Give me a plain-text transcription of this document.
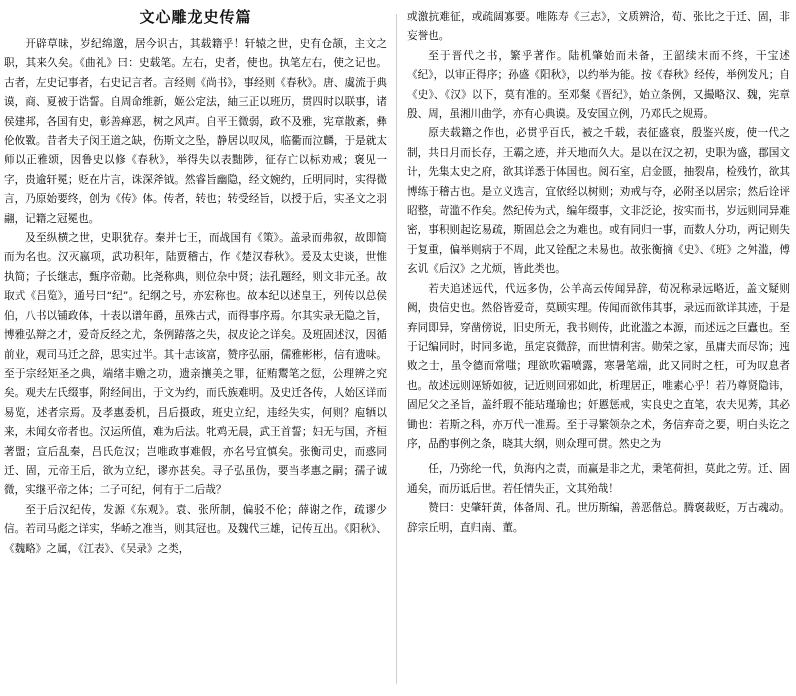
文心雕龙史传篇

开辟草昧，岁纪绵邈，居今识古，其载籍乎！轩辕之世，史有仓颉，主文之职，其来久矣。《曲礼》曰：史载笔。左右，史者，使也。执笔左右，使之记也。古者，左史记事者，右史记言者。言经则《尚书》，事经则《春秋》。唐、虞流于典谟，商、夏被于诰誓。自周命维新，姬公定法，紬三正以班历，贯四时以联事，诸侯建邦，各国有史，彰善瘅恶，树之风声。自平王微弱，政不及雅，宪章散紊，彝伦攸斁。昔者夫子闵王道之缺，伤斯文之坠，静居以叹凤，临衢而泣麟，于是就太师以正雅颂，因鲁史以修《春秋》，举得失以表黜陟，征存亡以标劝戒；褒见一字，贵逾轩冕；贬在片言，诛深斧钺。然睿旨幽隐，经文婉约，丘明同时，实得微言，乃原始要终，创为《传》体。传者，转也；转受经旨，以授于后，实圣文之羽翮，记籍之冠冕也。

及至纵横之世，史职犹存。秦并七王，而战国有《策》。盖录而弗叙，故即简而为名也。汉灭嬴项，武功积年，陆贾稽古，作《楚汉春秋》。爰及太史谈，世惟执简；子长继志，甄序帝勣。比尧称典，则位杂中贤；法孔题经，则文非元圣。故取式《吕览》，通号曰“纪”。纪纲之号，亦宏称也。故本纪以述皇王，列传以总侯伯，八书以铺政体，十表以谱年爵，虽殊古式，而得事序焉。尔其实录无隐之旨，博雅弘辩之才，爱奇反经之尤，条例踳落之失，叔皮论之详矣。及班固述汉，因循前业，观司马迁之辞，思实过半。其十志该富，赞序弘丽，儒雅彬彬，信有遗味。至于宗经矩圣之典，端绪丰赡之功，遗亲攘美之罪，征贿鬻笔之愆，公理辨之究矣。观夫左氏缀事，附经间出，于文为约，而氏族难明。及史迁各传，人始区详而易览，述者宗焉。及孝惠委机，吕后摄政，班史立纪，违经失实，何则？庖牺以来，未闻女帝者也。汉运所值，难为后法。牝鸡无晨，武王首誓；妇无与国，齐桓著盟；宣后乱秦，吕氏危汉；岂唯政事难假，亦名号宜慎矣。张衡司史，而惑同迁、固，元帝王后，欲为立纪，谬亦甚矣。寻子弘虽伪，要当孝惠之嗣；孺子诚微，实继平帝之体；二子可纪，何有于二后哉？

至于后汉纪传，发源《东观》。袁、张所制，偏驳不伦；薛谢之作，疏谬少信。若司马彪之详实，华峤之准当，则其冠也。及魏代三雄，记传互出。《阳秋》、《魏略》之属，《江表》、《吴录》之类，

或激抗难征，或疏阔寡要。唯陈寿《三志》，文质辨洽，荀、张比之于迁、固，非妄誉也。

至于晋代之书，繁乎著作。陆机肇始而未备，王韶续末而不终，干宝述《纪》，以审正得序；孙盛《阳秋》，以约举为能。按《春秋》经传，举例发凡；自《史》、《汉》以下，莫有准的。至邓粲《晋纪》，始立条例，又撮略汉、魏，宪章殷、周，虽湘川曲学，亦有心典谟。及安国立例，乃邓氏之规焉。

原夫载籍之作也，必贯乎百氏，被之千载，表征盛衰，殷鉴兴废，使一代之制，共日月而长存，王霸之迹，并天地而久大。是以在汉之初，史职为盛，郡国文计，先集太史之府，欲其详悉于体国也。阅石室，启金匮，抽裂帛，检残竹，欲其博练于稽古也。是立义选言，宜依经以树则；劝戒与夺，必附圣以居宗；然后诠评昭整，苛滥不作矣。然纪传为式，编年缀事，文非泛论，按实而书，岁远则同异难密，事积则起讫易疏，斯固总会之为难也。或有同归一事，而数人分功，两记则失于复重，偏举则病于不周，此又铨配之未易也。故张衡摘《史》、《班》之舛滥，傅玄讥《后汉》之尤烦，皆此类也。

若夫追述远代，代远多伪，公羊高云传闻异辞，荀况称录远略近，盖文疑则阙，贵信史也。然俗皆爱奇，莫顾实理。传闻而欲伟其事，录远而欲详其迹，于是弃同即异，穿凿傍说，旧史所无，我书则传，此讹滥之本源，而述远之巨蠹也。至于记编同时，时同多诡，虽定哀微辞，而世情利害。勋荣之家，虽庸夫而尽饰；迍败之士，虽令德而常嗤；理欲吹霜喷露，寒暑笔端，此又同时之枉，可为叹息者也。故述远则诬矫如彼，记近则回邪如此，析理居正，唯素心乎！若乃尊贤隐讳，固尼父之圣旨，盖纤瑕不能玷瑾瑜也；奸慝惩戒，实良史之直笔，农夫见莠，其必锄也：若斯之科，亦万代一准焉。至于寻繁领杂之术，务信弃奇之要，明白头讫之序，品酌事例之条，晓其大纲，则众理可贯。然史之为

任，乃弥纶一代，负海内之责，而赢是非之尤，秉笔荷担，莫此之劳。迁、固通矣，而历诋后世。若任情失正，文其殆哉！

赞曰：史肇轩黄，体备周、孔。世历斯编，善恶偕总。腾褒裁贬，万古魂动。辞宗丘明，直归南、董。
